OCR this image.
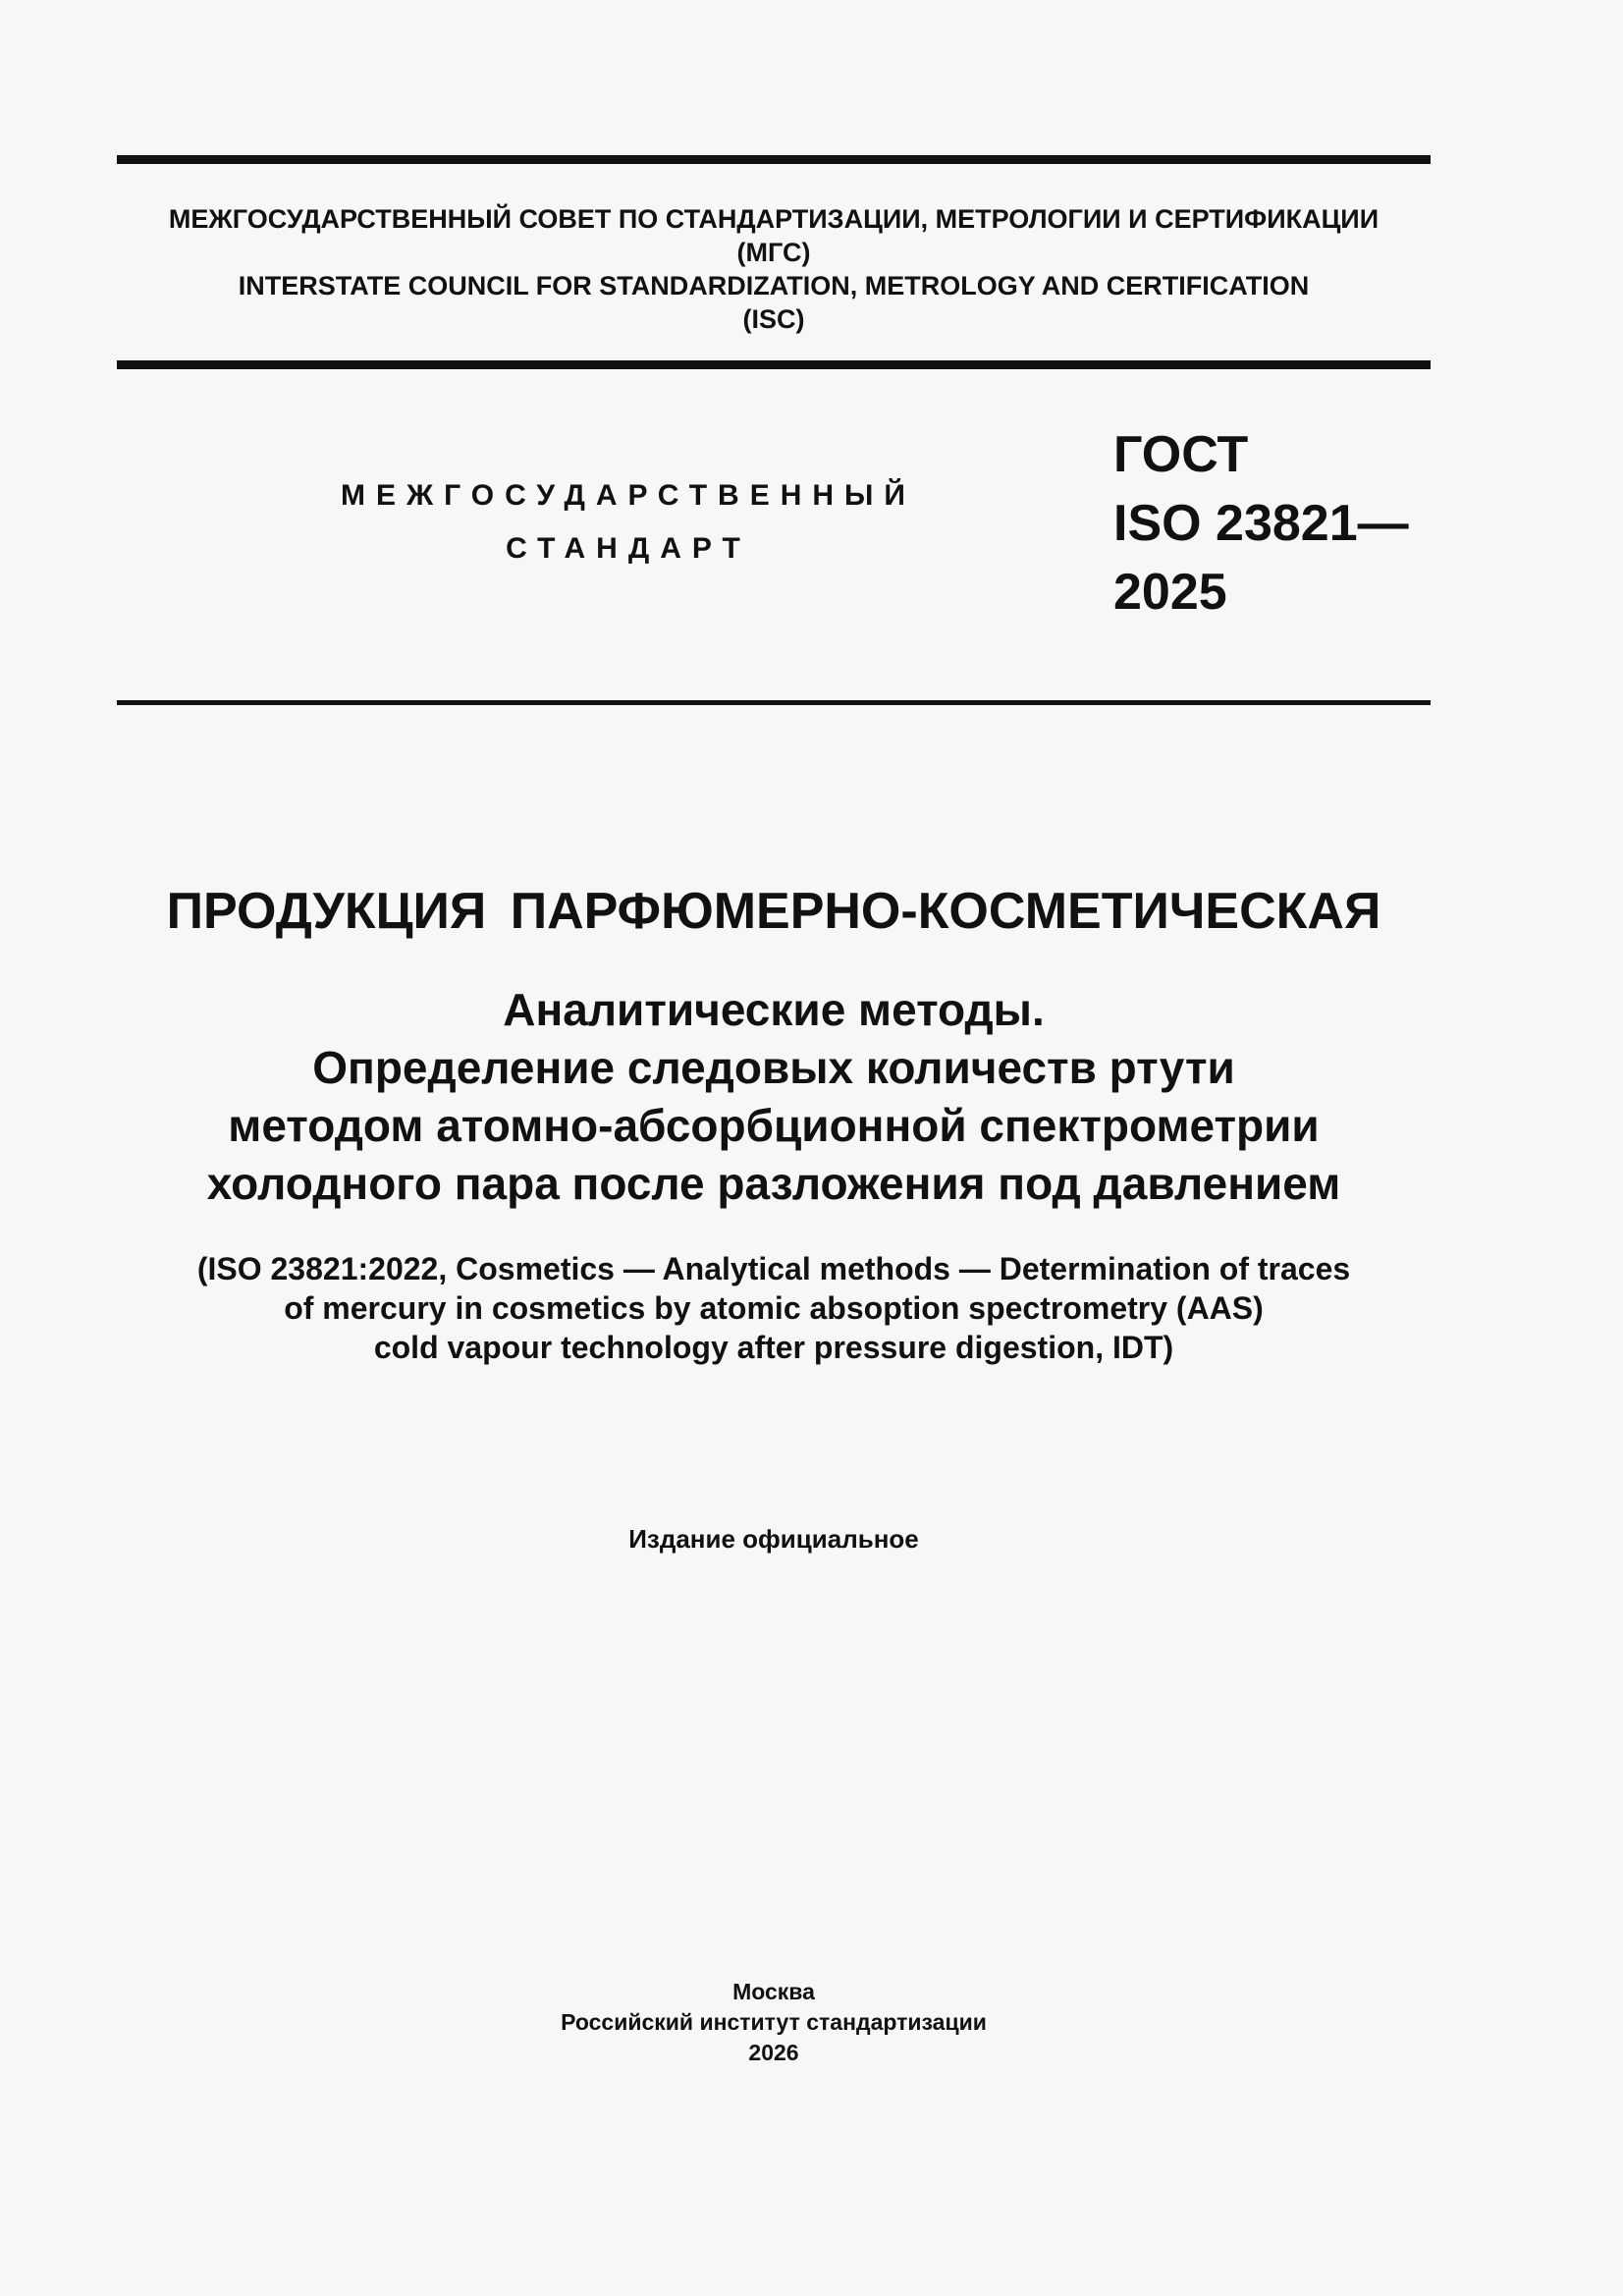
МЕЖГОСУДАРСТВЕННЫЙ СОВЕТ ПО СТАНДАРТИЗАЦИИ, МЕТРОЛОГИИ И СЕРТИФИКАЦИИ
(МГС)
INTERSTATE COUNCIL FOR STANDARDIZATION, METROLOGY AND CERTIFICATION
(ISC)
МЕЖГОСУДАРСТВЕННЫЙ
СТАНДАРТ
ГОСТ
ISO 23821—
2025
ПРОДУКЦИЯ ПАРФЮМЕРНО-КОСМЕТИЧЕСКАЯ
Аналитические методы.
Определение следовых количеств ртути
методом атомно-абсорбционной спектрометрии
холодного пара после разложения под давлением
(ISO 23821:2022, Cosmetics — Analytical methods — Determination of traces
of mercury in cosmetics by atomic absoption spectrometry (AAS)
cold vapour technology after pressure digestion, IDT)
Издание официальное
Москва
Российский институт стандартизации
2026
